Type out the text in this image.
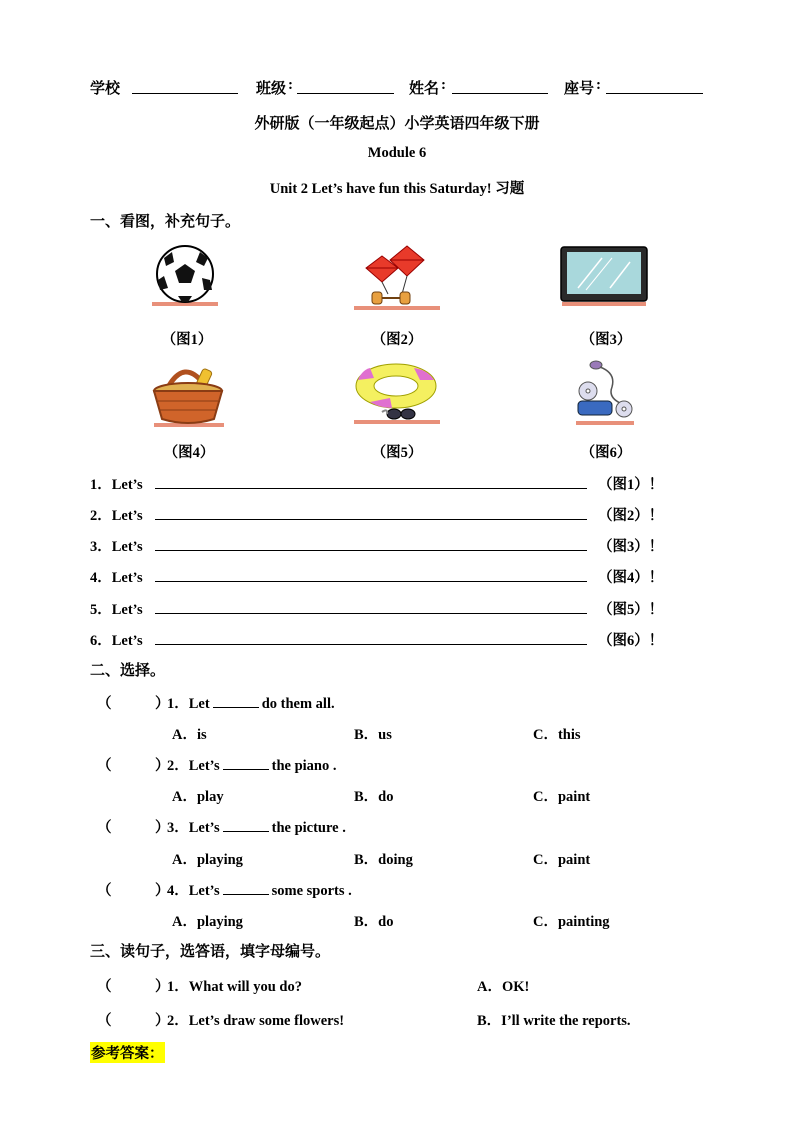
学校	班级 :	姓名 :	座号 :
外研版（一年级起点）小学英语四年级下册
Module 6
Unit 2 Let’s have fun this Saturday! 习题
一、看图，补充句子。
（图1）	（图2）	（图3）
（图4）	（图5）	（图6）
1．Let’s	（图1）！
2．Let’s	（图2）！
3．Let’s	（图3）！
4．Let’s	（图4）！
5．Let’s	（图5）！
6．Let’s	（图6）！
二、选择。
（	）
1．Let	do them all.
A．is	B．us	C．this
（	）
2．Let’s	the piano .
A．play	B．do	C．paint
（	）
3．Let’s	the picture .
A．playing	B．doing	C．paint
（	）
4．Let’s	some sports .
A．playing	B．do	C．painting
三、读句子，选答语，填字母编号。
（	）
1．What will you do?	A．OK!
（	）
2．Let’s draw some flowers!	B．I’ll write the reports.
参考答案：
